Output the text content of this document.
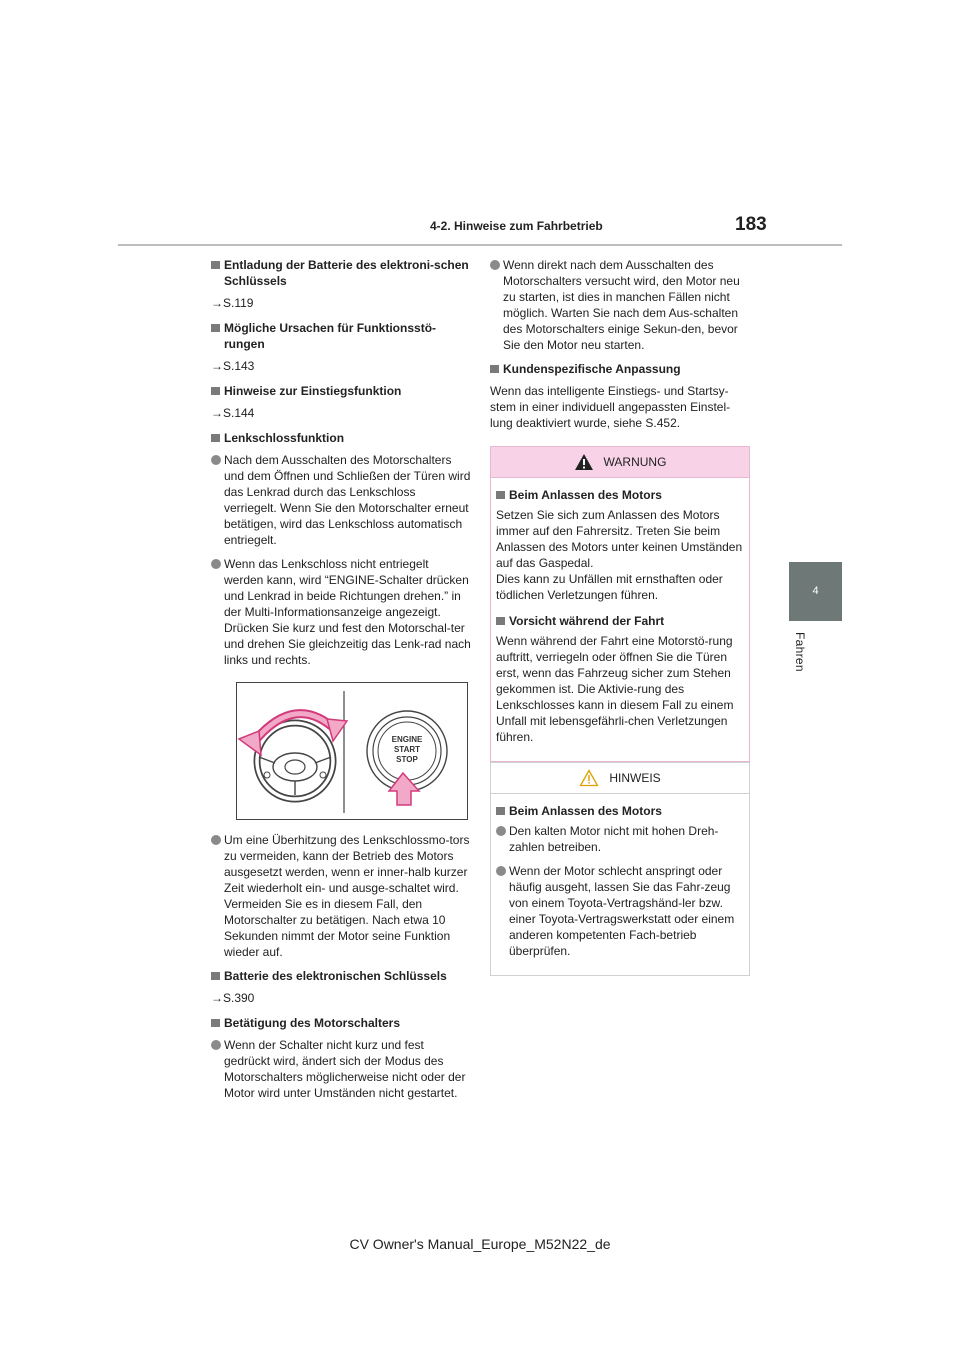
4-2. Hinweise zum Fahrbetrieb	183
4
Fahren
Entladung der Batterie des elektroni-schen Schlüssels
→S.119
Mögliche Ursachen für Funktionsstö-rungen
→S.143
Hinweise zur Einstiegsfunktion
→S.144
Lenkschlossfunktion
Nach dem Ausschalten des Motorschalters und dem Öffnen und Schließen der Türen wird das Lenkrad durch das Lenkschloss verriegelt. Wenn Sie den Motorschalter erneut betätigen, wird das Lenkschloss automatisch entriegelt.
Wenn das Lenkschloss nicht entriegelt werden kann, wird “ENGINE-Schalter drücken und Lenkrad in beide Richtungen drehen.” in der Multi-Informationsanzeige angezeigt.
Drücken Sie kurz und fest den Motorschal-ter und drehen Sie gleichzeitig das Lenk-rad nach links und rechts.
ENGINE
START
STOP
Um eine Überhitzung des Lenkschlossmo-tors zu vermeiden, kann der Betrieb des Motors ausgesetzt werden, wenn er inner-halb kurzer Zeit wiederholt ein- und ausge-schaltet wird. Vermeiden Sie es in diesem Fall, den Motorschalter zu betätigen. Nach etwa 10 Sekunden nimmt der Motor seine Funktion wieder auf.
Batterie des elektronischen Schlüssels
→S.390
Betätigung des Motorschalters
Wenn der Schalter nicht kurz und fest gedrückt wird, ändert sich der Modus des Motorschalters möglicherweise nicht oder der Motor wird unter Umständen nicht gestartet.
Wenn direkt nach dem Ausschalten des Motorschalters versucht wird, den Motor neu zu starten, ist dies in manchen Fällen nicht möglich. Warten Sie nach dem Aus-schalten des Motorschalters einige Sekun-den, bevor Sie den Motor neu starten.
Kundenspezifische Anpassung
Wenn das intelligente Einstiegs- und Startsy-stem in einer individuell angepassten Einstel-lung deaktiviert wurde, siehe S.452.
WARNUNG
Beim Anlassen des Motors
Setzen Sie sich zum Anlassen des Motors immer auf den Fahrersitz. Treten Sie beim Anlassen des Motors unter keinen Umständen auf das Gaspedal.
Dies kann zu Unfällen mit ernsthaften oder tödlichen Verletzungen führen.
Vorsicht während der Fahrt
Wenn während der Fahrt eine Motorstö-rung auftritt, verriegeln oder öffnen Sie die Türen erst, wenn das Fahrzeug sicher zum Stehen gekommen ist. Die Aktivie-rung des Lenkschlosses kann in diesem Fall zu einem Unfall mit lebensgefährli-chen Verletzungen führen.
HINWEIS
Beim Anlassen des Motors
Den kalten Motor nicht mit hohen Dreh-zahlen betreiben.
Wenn der Motor schlecht anspringt oder häufig ausgeht, lassen Sie das Fahr-zeug von einem Toyota-Vertragshänd-ler bzw. einer Toyota-Vertragswerkstatt oder einem anderen kompetenten Fach-betrieb überprüfen.
CV Owner's Manual_Europe_M52N22_de
